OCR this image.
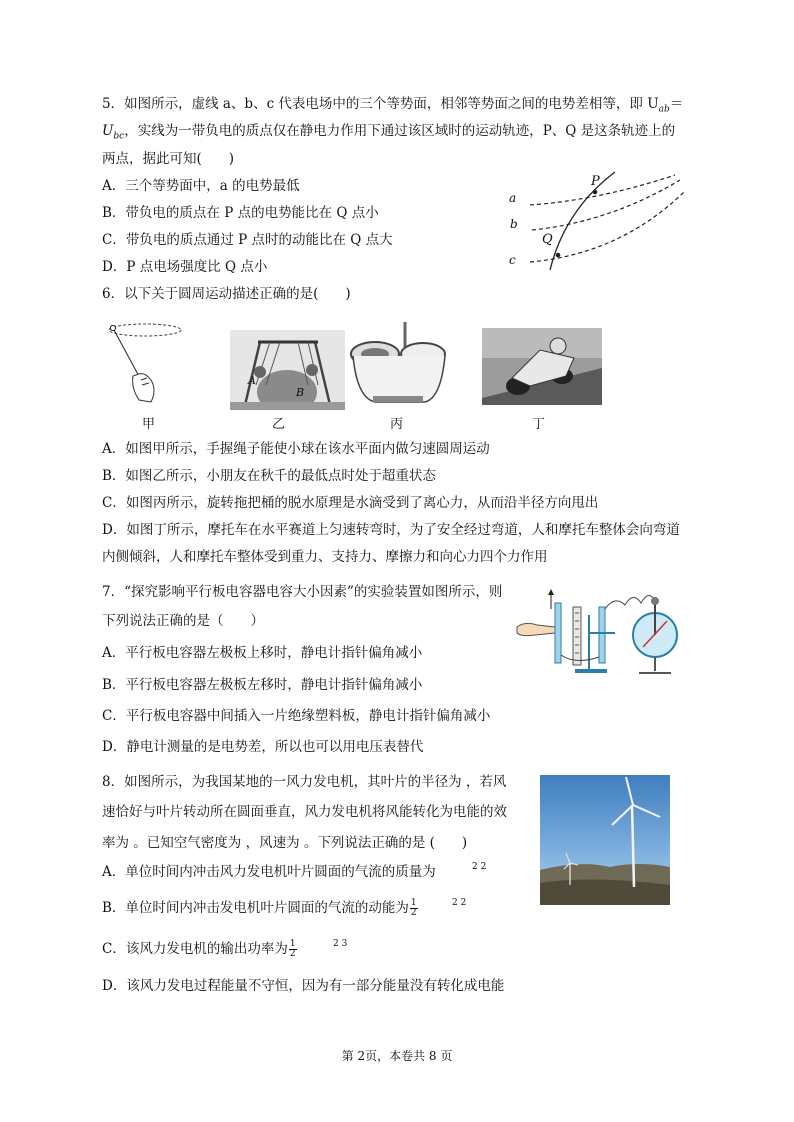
5．如图所示，虚线 a、b、c 代表电场中的三个等势面，相邻等势面之间的电势差相等，即 $U_{ab}=$
$U_{bc}$，实线为一带负电的质点仅在静电力作用下通过该区域时的运动轨迹，P、Q 是这条轨迹上的
两点，据此可知(　　)
A．三个等势面中，a 的电势最低
B．带负电的质点在 P 点的电势能比在 Q 点小
C．带负电的质点通过 P 点时的动能比在 Q 点大
D．P 点电场强度比 Q 点小
a
b
c
P
Q
6．以下关于圆周运动描述正确的是(　　)
A
B
甲	乙	丙	丁
A．如图甲所示，手握绳子能使小球在该水平面内做匀速圆周运动
B．如图乙所示，小朋友在秋千的最低点时处于超重状态
C．如图丙所示，旋转拖把桶的脱水原理是水滴受到了离心力，从而沿半径方向甩出
D．如图丁所示，摩托车在水平赛道上匀速转弯时，为了安全经过弯道，人和摩托车整体会向弯道
内侧倾斜，人和摩托车整体受到重力、支持力、摩擦力和向心力四个力作用
7．“探究影响平行板电容器电容大小因素”的实验装置如图所示，则
下列说法正确的是（　　）
A．平行板电容器左极板上移时，静电计指针偏角减小
B．平行板电容器左极板左移时，静电计指针偏角减小
C．平行板电容器中间插入一片绝缘塑料板，静电计指针偏角减小
D．静电计测量的是电势差，所以也可以用电压表替代
8．如图所示，为我国某地的一风力发电机，其叶片的半径为 ，若风
速恰好与叶片转动所在圆面垂直，风力发电机将风能转化为电能的效
率为 。已知空气密度为 ，风速为 。下列说法正确的是 (　　)
A．单位时间内冲击风力发电机叶片圆面的气流的质量为	2 2
B．单位时间内冲击发电机叶片圆面的气流的动能为 $\frac{1}{2}$	2 2
C．该风力发电机的输出功率为 $\frac{1}{2}$	2 3
D．该风力发电过程能量不守恒，因为有一部分能量没有转化成电能
第 2页，本卷共 8 页
